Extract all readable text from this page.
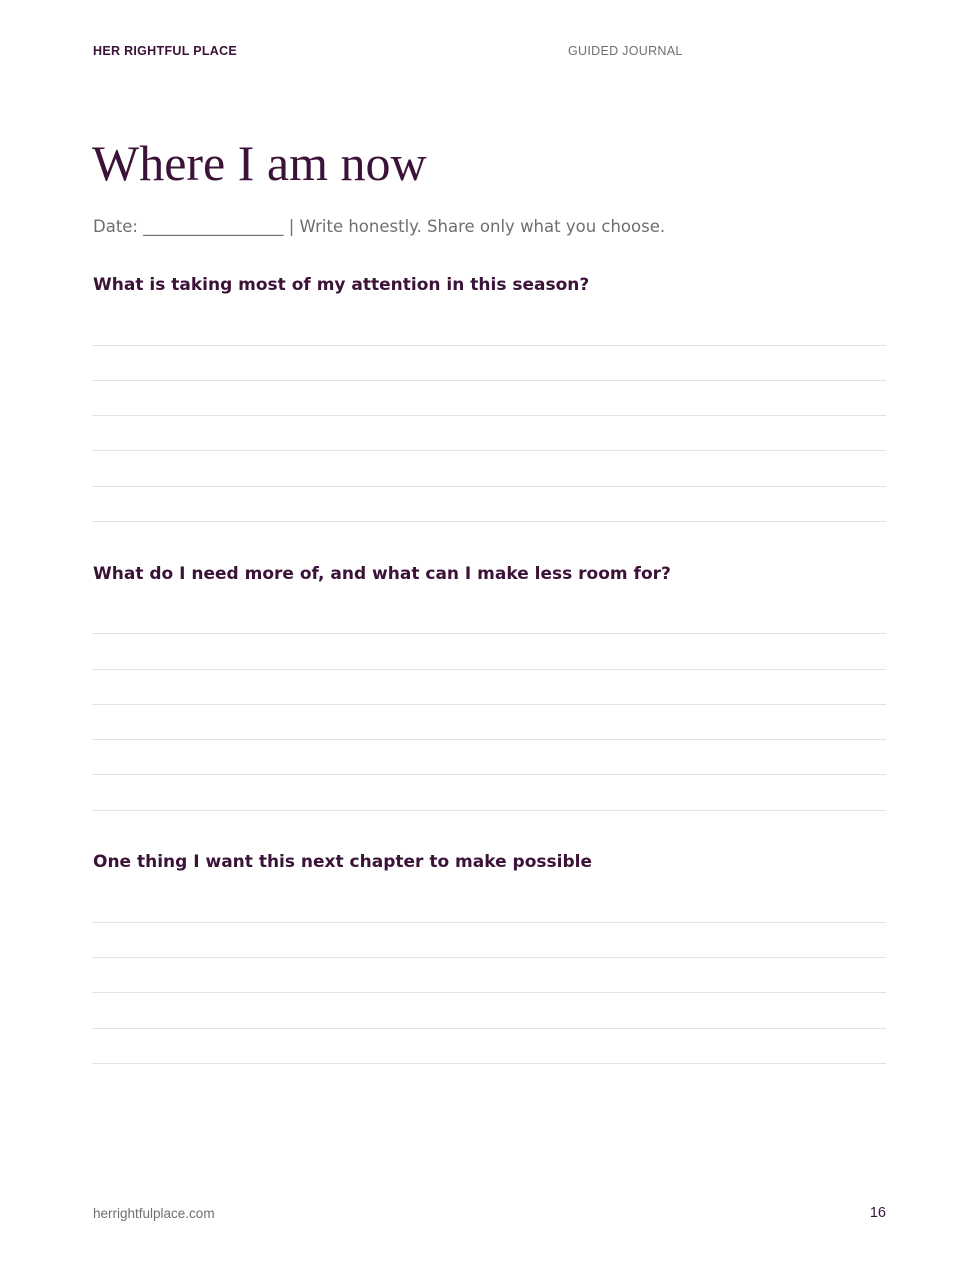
HER RIGHTFUL PLACE	GUIDED JOURNAL
Where I am now
Date: _________________ | Write honestly. Share only what you choose.
What is taking most of my attention in this season?
What do I need more of, and what can I make less room for?
One thing I want this next chapter to make possible
herrightfulplace.com	16
